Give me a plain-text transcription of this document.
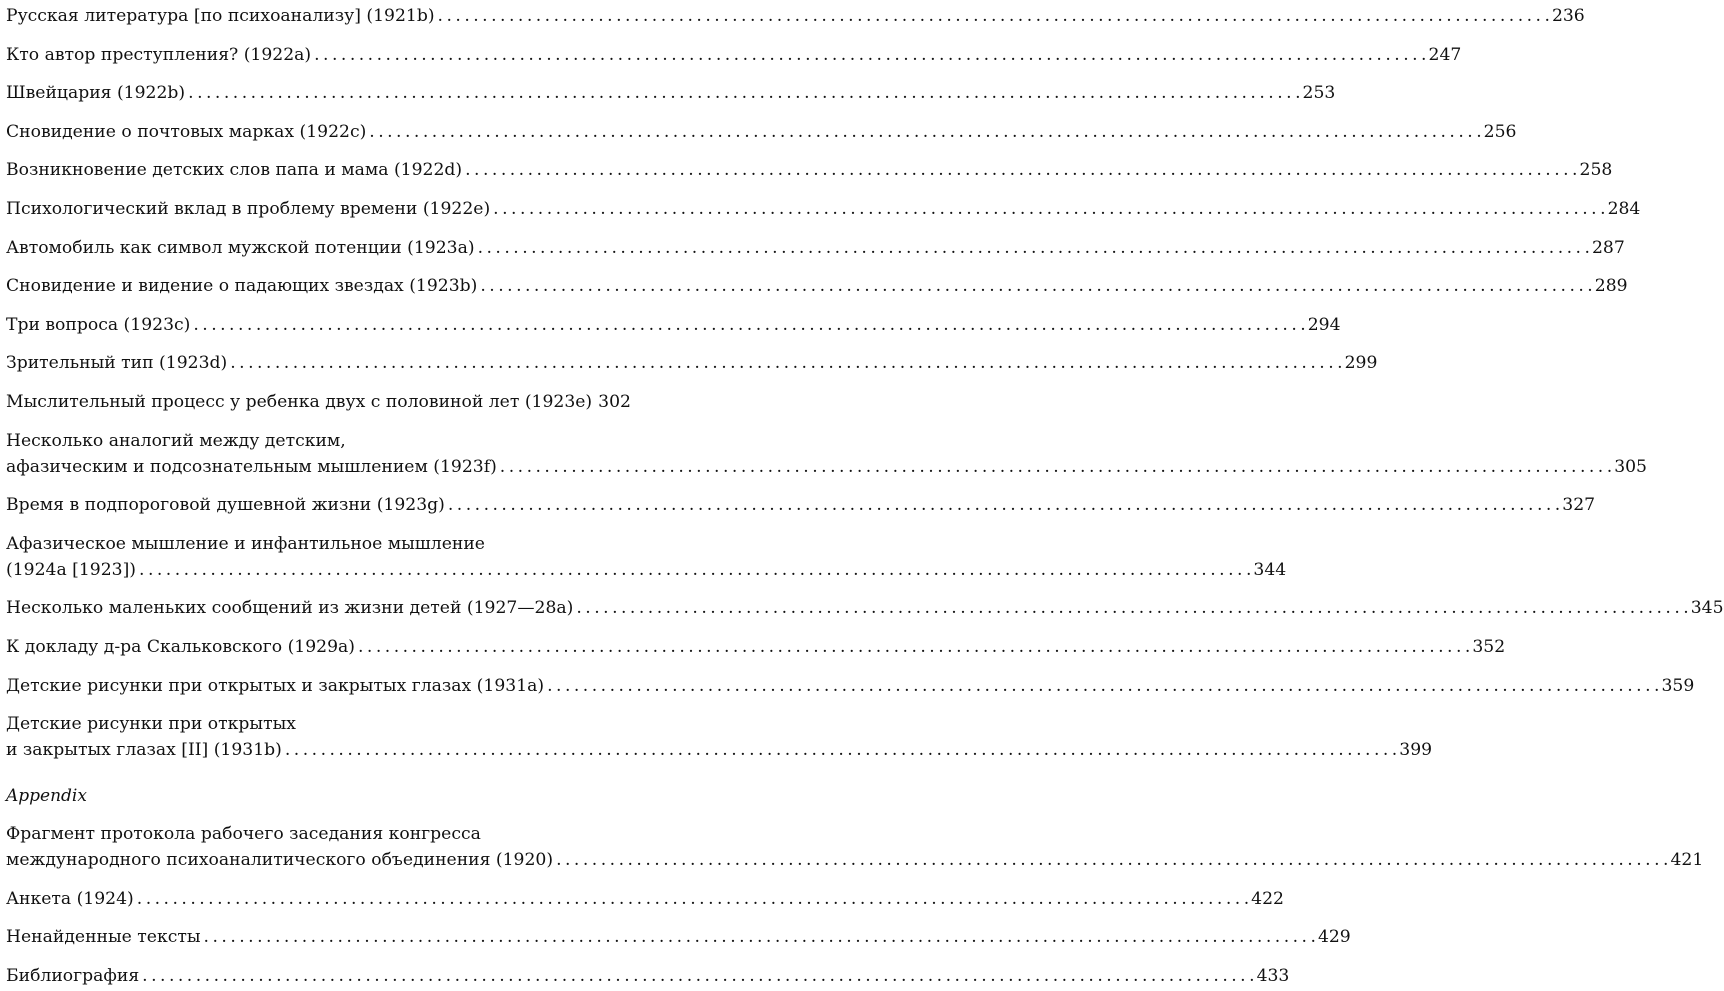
Русская литература [по психоанализу] (1921b) . . .	236
Кто автор преступления? (1922а) . . .	247
Швейцария (1922b) . . .	253
Сновидение о почтовых марках (1922с) . . .	256
Возникновение детских слов папа и мама (1922d) . . .	258
Психологический вклад в проблему времени (1922е) . . .	284
Автомобиль как символ мужской потенции (1923а) . . .	287
Сновидение и видение о падающих звездах (1923b) . . .	289
Три вопроса (1923с) . . .	294
Зрительный тип (1923d) . . .	299
Мыслительный процесс у ребенка двух с половиной лет (1923е) 302
Несколько аналогий между детским,
афазическим и подсознательным мышлением (1923f) . . .	305
Время в подпороговой душевной жизни (1923g) . . .	327
Афазическое мышление и инфантильное мышление
(1924а [1923]) . . .	344
Несколько маленьких сообщений из жизни детей (1927—28а) . . .	345
К докладу д-ра Скальковского (1929а) . . .	352
Детские рисунки при открытых и закрытых глазах (1931а) . . .	359
Детские рисунки при открытых
и закрытых глазах [II] (1931b) . . .	399
Appendix
Фрагмент протокола рабочего заседания конгресса
международного психоаналитического объединения (1920) . . .	421
Анкета (1924) . . .	422
Ненайденные тексты . . .	429
Библиография . . .	433
